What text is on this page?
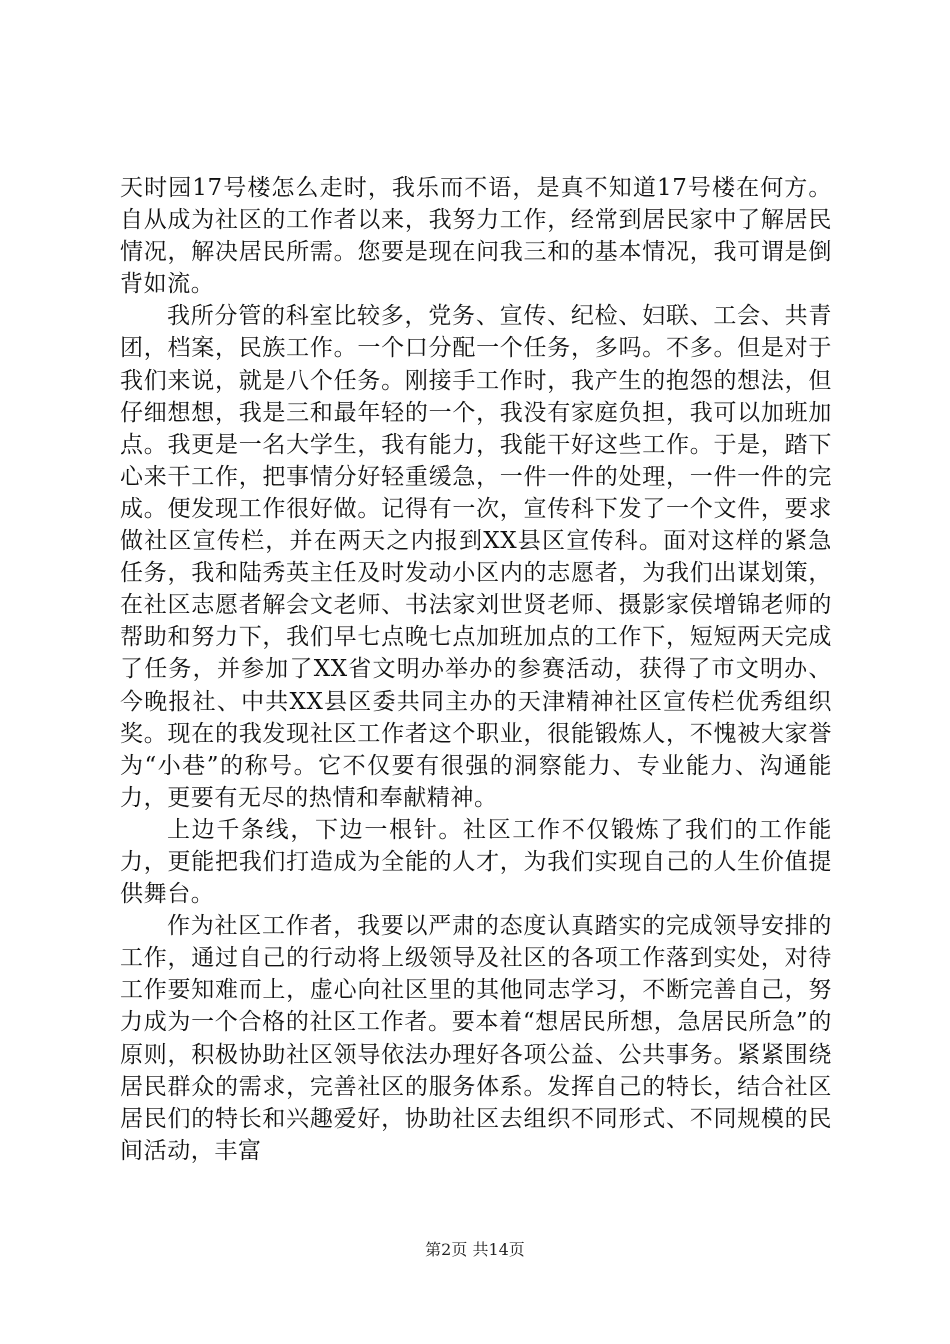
天时园17号楼怎么走时，我乐而不语，是真不知道17号楼在何方。自从成为社区的工作者以来，我努力工作，经常到居民家中了解居民情况，解决居民所需。您要是现在问我三和的基本情况，我可谓是倒背如流。

我所分管的科室比较多，党务、宣传、纪检、妇联、工会、共青团，档案，民族工作。一个口分配一个任务，多吗。不多。但是对于我们来说，就是八个任务。刚接手工作时，我产生的抱怨的想法，但仔细想想，我是三和最年轻的一个，我没有家庭负担，我可以加班加点。我更是一名大学生，我有能力，我能干好这些工作。于是，踏下心来干工作，把事情分好轻重缓急，一件一件的处理，一件一件的完成。便发现工作很好做。记得有一次，宣传科下发了一个文件，要求做社区宣传栏，并在两天之内报到XX县区宣传科。面对这样的紧急任务，我和陆秀英主任及时发动小区内的志愿者，为我们出谋划策，在社区志愿者解会文老师、书法家刘世贤老师、摄影家侯增锦老师的帮助和努力下，我们早七点晚七点加班加点的工作下，短短两天完成了任务，并参加了XX省文明办举办的参赛活动，获得了市文明办、今晚报社、中共XX县区委共同主办的天津精神社区宣传栏优秀组织奖。现在的我发现社区工作者这个职业，很能锻炼人，不愧被大家誉为“小巷”的称号。它不仅要有很强的洞察能力、专业能力、沟通能力，更要有无尽的热情和奉献精神。

上边千条线，下边一根针。社区工作不仅锻炼了我们的工作能力，更能把我们打造成为全能的人才，为我们实现自己的人生价值提供舞台。

作为社区工作者，我要以严肃的态度认真踏实的完成领导安排的工作，通过自己的行动将上级领导及社区的各项工作落到实处，对待工作要知难而上，虚心向社区里的其他同志学习，不断完善自己，努力成为一个合格的社区工作者。要本着“想居民所想，急居民所急”的原则，积极协助社区领导依法办理好各项公益、公共事务。紧紧围绕居民群众的需求，完善社区的服务体系。发挥自己的特长，结合社区居民们的特长和兴趣爱好，协助社区去组织不同形式、不同规模的民间活动，丰富

第2页 共14页
